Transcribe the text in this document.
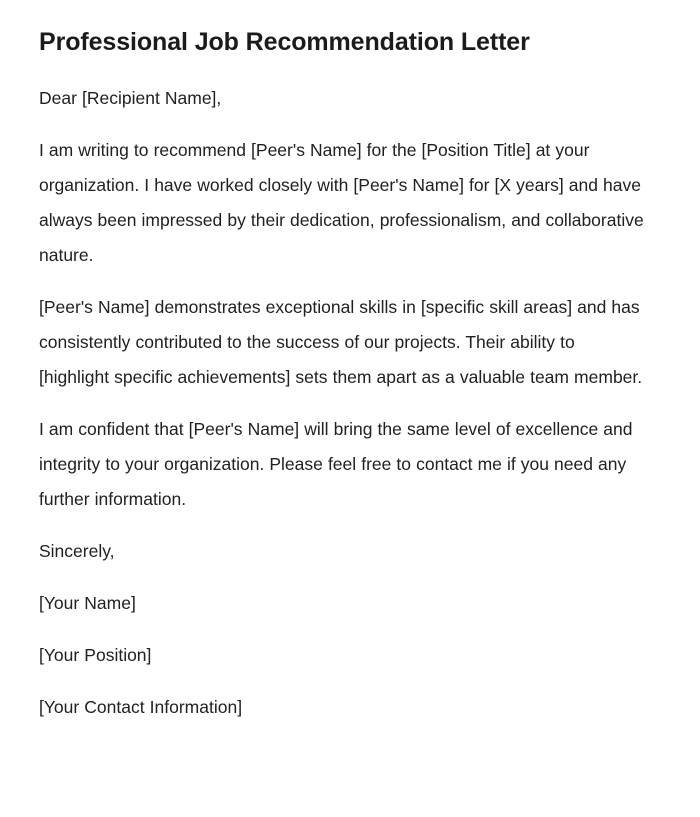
Professional Job Recommendation Letter

Dear [Recipient Name],

I am writing to recommend [Peer's Name] for the [Position Title] at your organization. I have worked closely with [Peer's Name] for [X years] and have always been impressed by their dedication, professionalism, and collaborative nature.

[Peer's Name] demonstrates exceptional skills in [specific skill areas] and has consistently contributed to the success of our projects. Their ability to [highlight specific achievements] sets them apart as a valuable team member.

I am confident that [Peer's Name] will bring the same level of excellence and integrity to your organization. Please feel free to contact me if you need any further information.

Sincerely,

[Your Name]

[Your Position]

[Your Contact Information]
